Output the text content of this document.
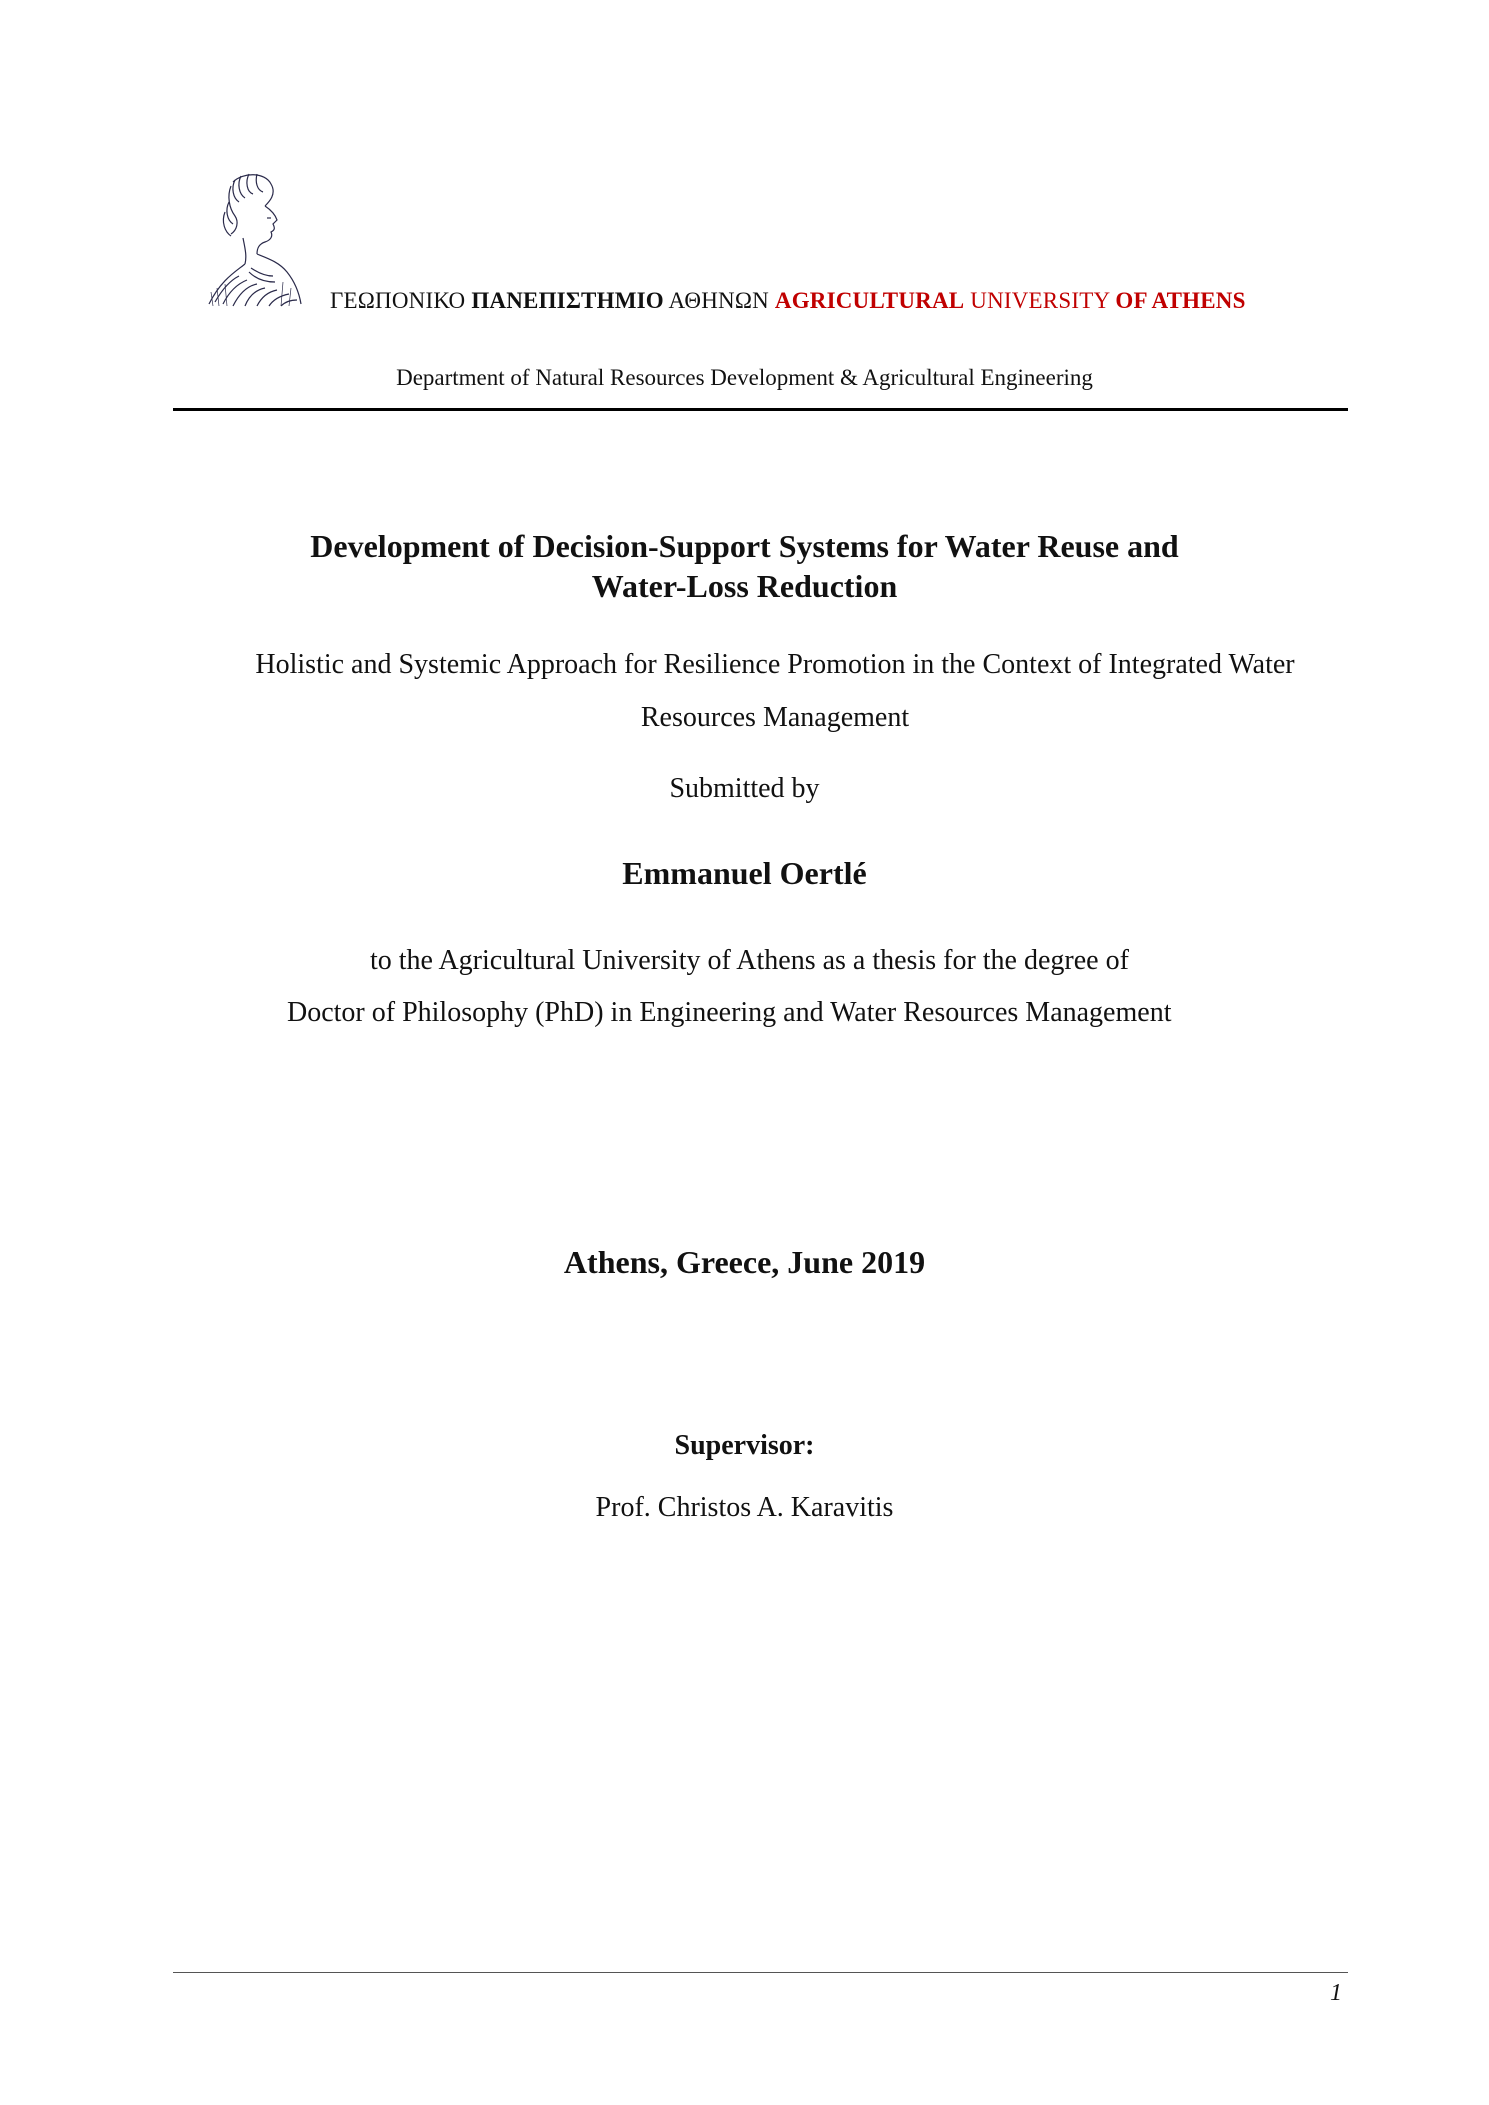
ΓΕΩΠΟΝΙΚΟ ΠΑΝΕΠΙΣΤΗΜΙΟ ΑΘΗΝΩΝ AGRICULTURAL UNIVERSITY OF ATHENS
Department of Natural Resources Development & Agricultural Engineering
Development of Decision-Support Systems for Water Reuse and
Water-Loss Reduction
Holistic and Systemic Approach for Resilience Promotion in the Context of Integrated Water
Resources Management
Submitted by
Emmanuel Oertlé
to the Agricultural University of Athens as a thesis for the degree of
Doctor of Philosophy (PhD) in Engineering and Water Resources Management
Athens, Greece, June 2019
Supervisor:
Prof. Christos A. Karavitis
1
